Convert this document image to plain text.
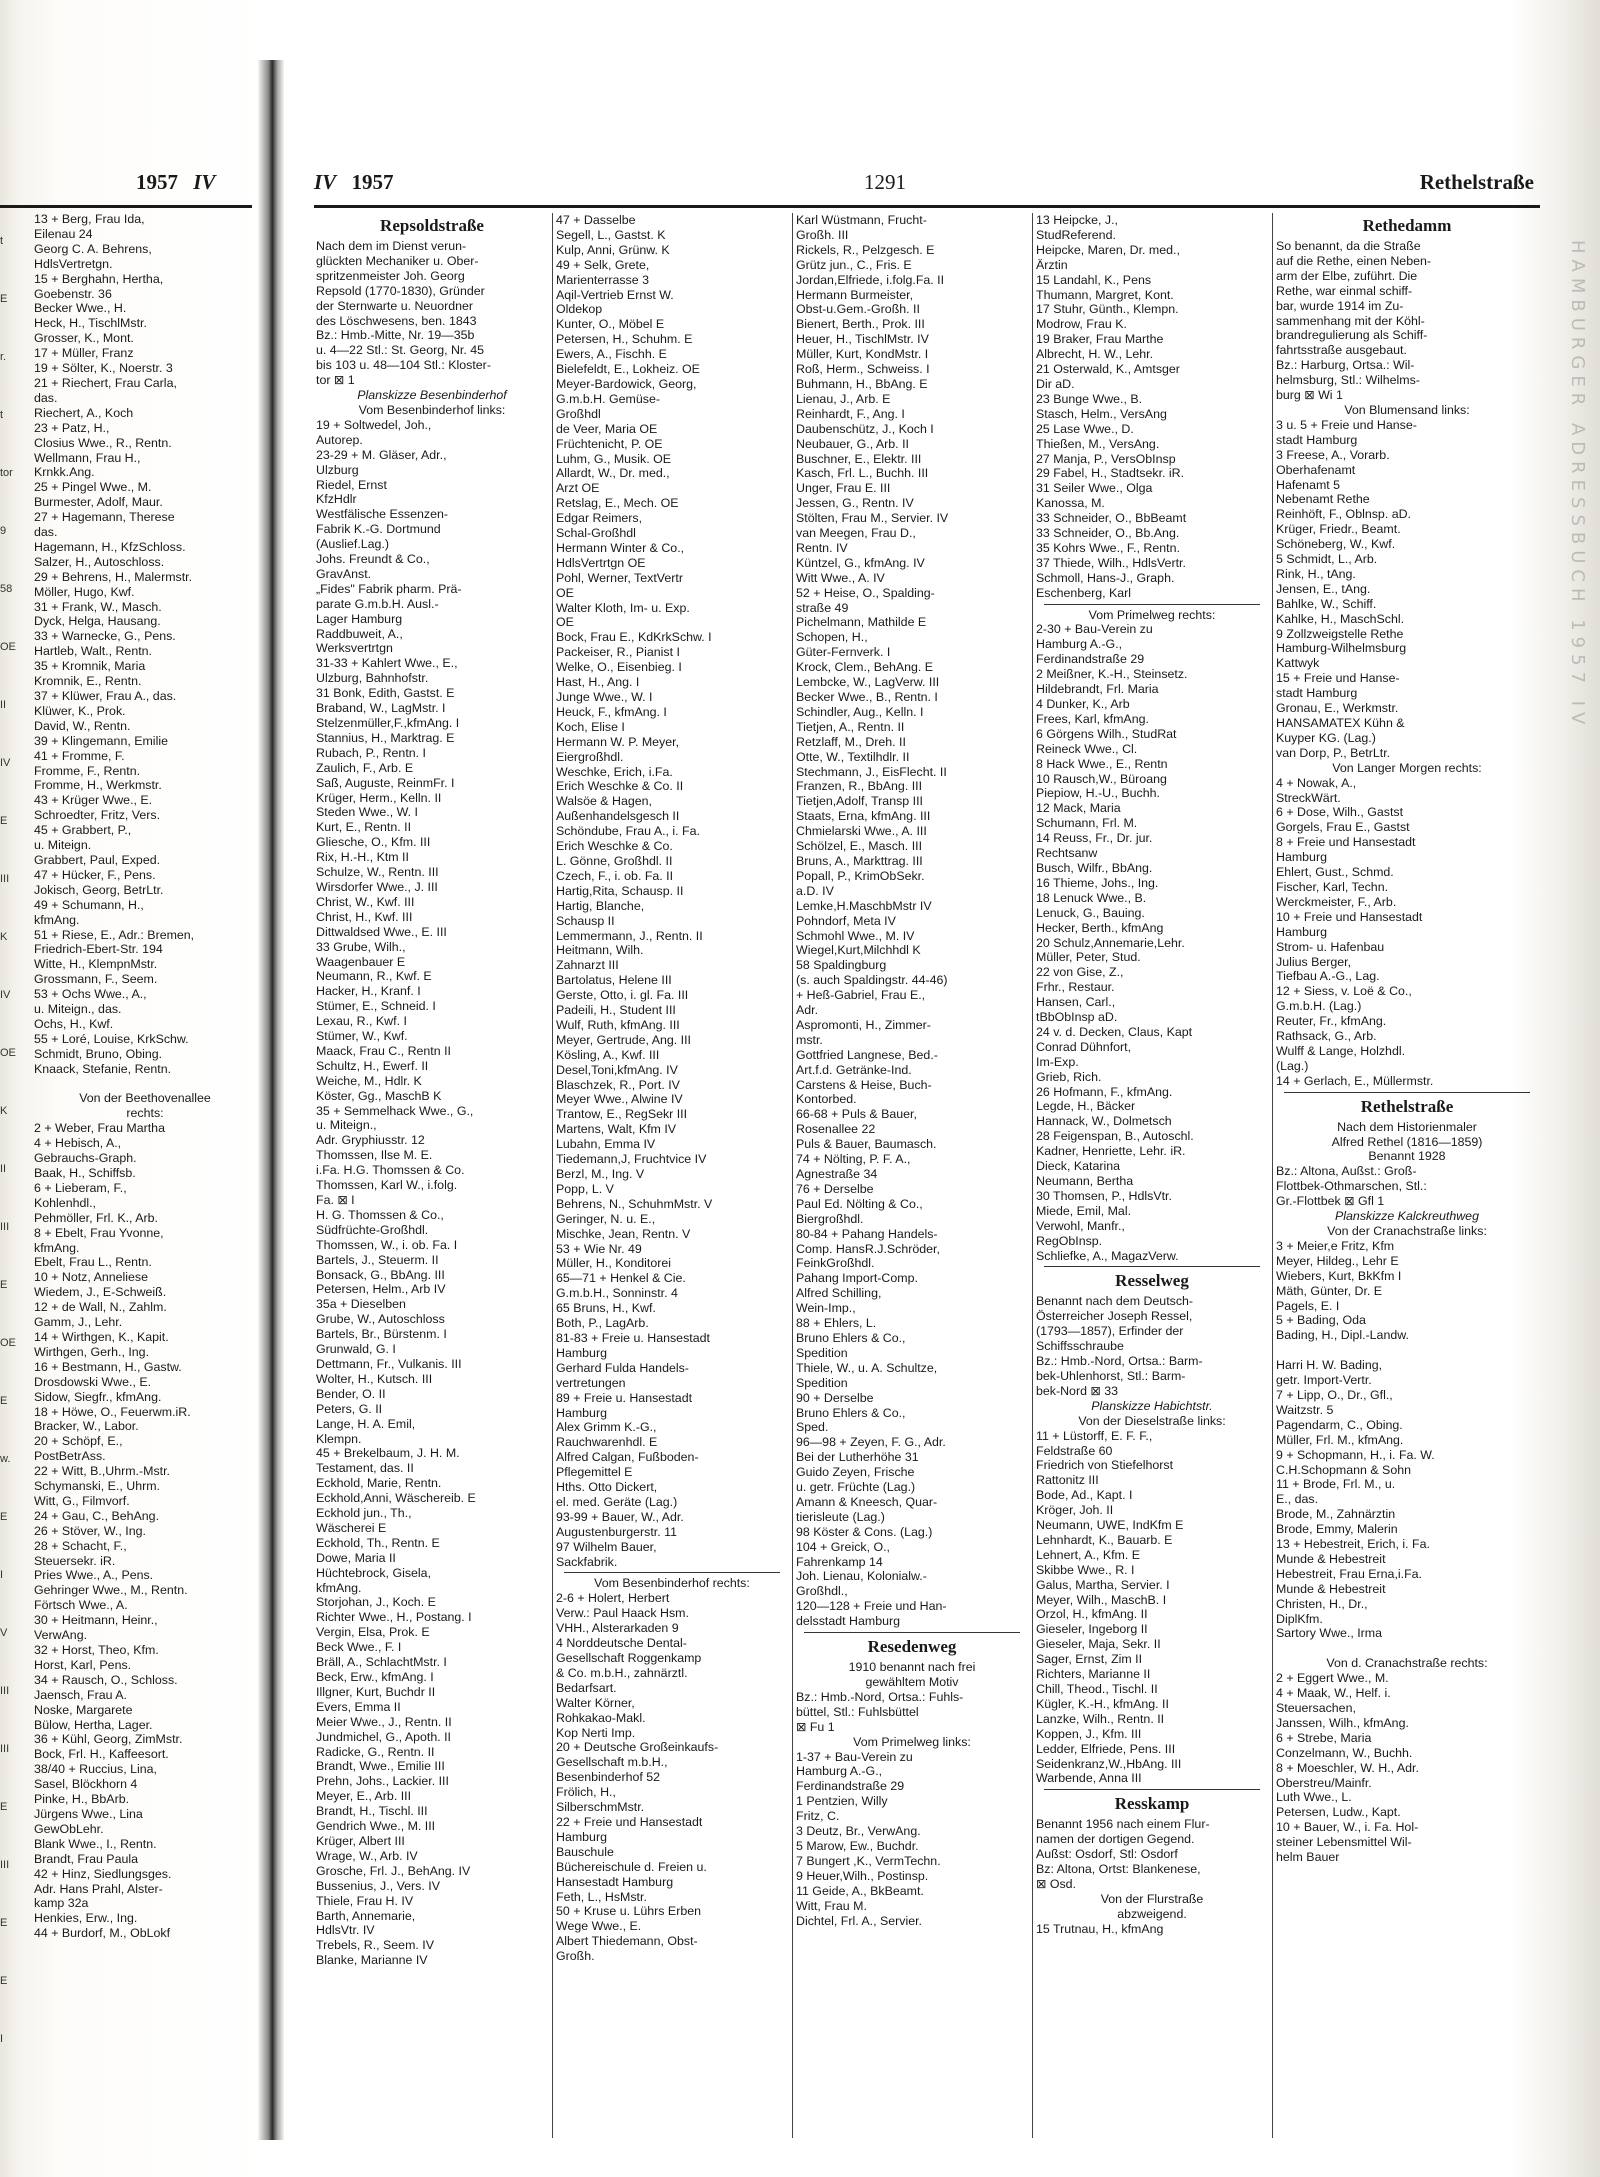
1957 IV
t
E
r.
t
tor
9 58
OE
II
IV
E
III
K
IV
OE
K
II
III
E
OE
E
w.
E
I
V
III
III
E
III
E
E
I
13 + Berg, Frau Ida,
Eilenau 24
Georg C. A. Behrens,
HdlsVertretgn.
15 + Berghahn, Hertha,
Goebenstr. 36
Becker Wwe., H.
Heck, H., TischlMstr.
Grosser, K., Mont.
17 + Müller, Franz
19 + Sölter, K., Noerstr. 3
21 + Riechert, Frau Carla,
das.
Riechert, A., Koch
23 + Patz, H.,
Closius Wwe., R., Rentn.
Wellmann, Frau H.,
Krnkk.Ang.
25 + Pingel Wwe., M.
Burmester, Adolf, Maur.
27 + Hagemann, Therese
das.
Hagemann, H., KfzSchloss.
Salzer, H., Autoschloss.
29 + Behrens, H., Malermstr.
Möller, Hugo, Kwf.
31 + Frank, W., Masch.
Dyck, Helga, Hausang.
33 + Warnecke, G., Pens.
Hartleb, Walt., Rentn.
35 + Kromnik, Maria
Kromnik, E., Rentn.
37 + Klüwer, Frau A., das.
Klüwer, K., Prok.
David, W., Rentn.
39 + Klingemann, Emilie
41 + Fromme, F.
Fromme, F., Rentn.
Fromme, H., Werkmstr.
43 + Krüger Wwe., E.
Schroedter, Fritz, Vers.
45 + Grabbert, P.,
u. Miteign.
Grabbert, Paul, Exped.
47 + Hücker, F., Pens.
Jokisch, Georg, BetrLtr.
49 + Schumann, H.,
kfmAng.
51 + Riese, E., Adr.: Bremen,
Friedrich-Ebert-Str. 194
Witte, H., KlempnMstr.
Grossmann, F., Seem.
53 + Ochs Wwe., A.,
u. Miteign., das.
Ochs, H., Kwf.
55 + Loré, Louise, KrkSchw.
Schmidt, Bruno, Obing.
Knaack, Stefanie, Rentn.

Von der Beethovenallee
rechts:
2 + Weber, Frau Martha
4 + Hebisch, A.,
Gebrauchs-Graph.
Baak, H., Schiffsb.
6 + Lieberam, F.,
Kohlenhdl.,
Pehmöller, Frl. K., Arb.
8 + Ebelt, Frau Yvonne,
kfmAng.
Ebelt, Frau L., Rentn.
10 + Notz, Anneliese
Wiedem, J., E-Schweiß.
12 + de Wall, N., Zahlm.
Gamm, J., Lehr.
14 + Wirthgen, K., Kapit.
Wirthgen, Gerh., Ing.
16 + Bestmann, H., Gastw.
Drosdowski Wwe., E.
Sidow, Siegfr., kfmAng.
18 + Höwe, O., Feuerwm.iR.
Bracker, W., Labor.
20 + Schöpf, E.,
PostBetrAss.
22 + Witt, B.,Uhrm.-Mstr.
Schymanski, E., Uhrm.
Witt, G., Filmvorf.
24 + Gau, C., BehAng.
26 + Stöver, W., Ing.
28 + Schacht, F.,
Steuersekr. iR.
Pries Wwe., A., Pens.
Gehringer Wwe., M., Rentn.
Förtsch Wwe., A.
30 + Heitmann, Heinr.,
VerwAng.
32 + Horst, Theo, Kfm.
Horst, Karl, Pens.
34 + Rausch, O., Schloss.
Jaensch, Frau A.
Noske, Margarete
Bülow, Hertha, Lager.
36 + Kühl, Georg, ZimMstr.
Bock, Frl. H., Kaffeesort.
38/40 + Ruccius, Lina,
Sasel, Blöckhorn 4
Pinke, H., BbArb.
Jürgens Wwe., Lina
GewObLehr.
Blank Wwe., I., Rentn.
Brandt, Frau Paula
42 + Hinz, Siedlungsges.
Adr. Hans Prahl, Alster-
kamp 32a
Henkies, Erw., Ing.
44 + Burdorf, M., ObLokf
IV 1957	1291	Rethelstraße
Repsoldstraße
Nach dem im Dienst verun-
glückten Mechaniker u. Ober-
spritzenmeister Joh. Georg
Repsold (1770-1830), Gründer
der Sternwarte u. Neuordner
des Löschwesens, ben. 1843
Bz.: Hmb.-Mitte, Nr. 19—35b
u. 4—22 Stl.: St. Georg, Nr. 45
bis 103 u. 48—104 Stl.: Kloster-
tor ⊠ 1
Planskizze Besenbinderhof
Vom Besenbinderhof links:
19 + Soltwedel, Joh.,
Autorep.
23-29 + M. Gläser, Adr.,
Ulzburg
Riedel, Ernst
KfzHdlr
Westfälische Essenzen-
Fabrik K.-G. Dortmund
(Auslief.Lag.)
Johs. Freundt & Co.,
GravAnst.
„Fides" Fabrik pharm. Prä-
parate G.m.b.H. Ausl.-
Lager Hamburg
Raddbuweit, A.,
Werksvertrtgn
31-33 + Kahlert Wwe., E.,
Ulzburg, Bahnhofstr.
31 Bonk, Edith, Gastst. E
Braband, W., LagMstr. I
Stelzenmüller,F.,kfmAng. I
Stannius, H., Marktrag. E
Rubach, P., Rentn. I
Zaulich, F., Arb. E
Saß, Auguste, ReinmFr. I
Krüger, Herm., Kelln. II
Steden Wwe., W. I
Kurt, E., Rentn. II
Gliesche, O., Kfm. III
Rix, H.-H., Ktm II
Schulze, W., Rentn. III
Wirsdorfer Wwe., J. III
Christ, W., Kwf. III
Christ, H., Kwf. III
Dittwaldsed Wwe., E. III
33 Grube, Wilh.,
Waagenbauer E
Neumann, R., Kwf. E
Hacker, H., Kranf. I
Stümer, E., Schneid. I
Lexau, R., Kwf. I
Stümer, W., Kwf.
Maack, Frau C., Rentn II
Schultz, H., Ewerf. II
Weiche, M., Hdlr. K
Köster, Gg., MaschB K
35 + Semmelhack Wwe., G.,
u. Miteign.,
Adr. Gryphiusstr. 12
Thomssen, Ilse M. E.
i.Fa. H.G. Thomssen & Co.
Thomssen, Karl W., i.folg.
Fa. ⊠ I
H. G. Thomssen & Co.,
Südfrüchte-Großhdl.
Thomssen, W., i. ob. Fa. I
Bartels, J., Steuerm. II
Bonsack, G., BbAng. III
Petersen, Helm., Arb IV
35a + Dieselben
Grube, W., Autoschloss
Bartels, Br., Bürstenm. I
Grunwald, G. I
Dettmann, Fr., Vulkanis. III
Wolter, H., Kutsch. III
Bender, O. II
Peters, G. II
Lange, H. A. Emil,
Klempn.
45 + Brekelbaum, J. H. M.
Testament, das. II
Eckhold, Marie, Rentn.
Eckhold,Anni, Wäschereib. E
Eckhold jun., Th.,
Wäscherei E
Eckhold, Th., Rentn. E
Dowe, Maria II
Hüchtebrock, Gisela,
kfmAng.
Storjohan, J., Koch. E
Richter Wwe., H., Postang. I
Vergin, Elsa, Prok. E
Beck Wwe., F. I
Bräll, A., SchlachtMstr. I
Beck, Erw., kfmAng. I
Illgner, Kurt, Buchdr II
Evers, Emma II
Meier Wwe., J., Rentn. II
Jundmichel, G., Apoth. II
Radicke, G., Rentn. II
Brandt, Wwe., Emilie III
Prehn, Johs., Lackier. III
Meyer, E., Arb. III
Brandt, H., Tischl. III
Gendrich Wwe., M. III
Krüger, Albert III
Wrage, W., Arb. IV
Grosche, Frl. J., BehAng. IV
Bussenius, J., Vers. IV
Thiele, Frau H. IV
Barth, Annemarie,
HdlsVtr. IV
Trebels, R., Seem. IV
Blanke, Marianne IV
47 + Dasselbe
Segell, L., Gastst. K
Kulp, Anni, Grünw. K
49 + Selk, Grete,
Marienterrasse 3
Aqil-Vertrieb Ernst W.
Oldekop
Kunter, O., Möbel E
Petersen, H., Schuhm. E
Ewers, A., Fischh. E
Bielefeldt, E., Lokheiz. OE
Meyer-Bardowick, Georg,
G.m.b.H. Gemüse-
Großhdl
de Veer, Maria OE
Früchtenicht, P. OE
Luhm, G., Musik. OE
Allardt, W., Dr. med.,
Arzt OE
Retslag, E., Mech. OE
Edgar Reimers,
Schal-Großhdl
Hermann Winter & Co.,
HdlsVertrtgn OE
Pohl, Werner, TextVertr
OE
Walter Kloth, Im- u. Exp.
OE
Bock, Frau E., KdKrkSchw. I
Packeiser, R., Pianist I
Welke, O., Eisenbieg. I
Hast, H., Ang. I
Junge Wwe., W. I
Heuck, F., kfmAng. I
Koch, Elise I
Hermann W. P. Meyer,
Eiergroßhdl.
Weschke, Erich, i.Fa.
Erich Weschke & Co. II
Walsöe & Hagen,
Außenhandelsgesch II
Schöndube, Frau A., i. Fa.
Erich Weschke & Co.
L. Gönne, Großhdl. II
Czech, F., i. ob. Fa. II
Hartig,Rita, Schausp. II
Hartig, Blanche,
Schausp II
Lemmermann, J., Rentn. II
Heitmann, Wilh.
Zahnarzt III
Bartolatus, Helene III
Gerste, Otto, i. gl. Fa. III
Padeili, H., Student III
Wulf, Ruth, kfmAng. III
Meyer, Gertrude, Ang. III
Kösling, A., Kwf. III
Desel,Toni,kfmAng. IV
Blaschzek, R., Port. IV
Meyer Wwe., Alwine IV
Trantow, E., RegSekr III
Martens, Walt, Kfm IV
Lubahn, Emma IV
Tiedemann,J, Fruchtvice IV
Berzl, M., Ing. V
Popp, L. V
Behrens, N., SchuhmMstr. V
Geringer, N. u. E.,
Mischke, Jean, Rentn. V
53 + Wie Nr. 49
Müller, H., Konditorei
65—71 + Henkel & Cie.
G.m.b.H., Sonninstr. 4
65 Bruns, H., Kwf.
Both, P., LagArb.
81-83 + Freie u. Hansestadt
Hamburg
Gerhard Fulda Handels-
vertretungen
89 + Freie u. Hansestadt
Hamburg
Alex Grimm K.-G.,
Rauchwarenhdl. E
Alfred Calgan, Fußboden-
Pflegemittel E
Hths. Otto Dickert,
el. med. Geräte (Lag.)
93-99 + Bauer, W., Adr.
Augustenburgerstr. 11
97 Wilhelm Bauer,
Sackfabrik.
Vom Besenbinderhof rechts:
2-6 + Holert, Herbert
Verw.: Paul Haack Hsm.
VHH., Alsterarkaden 9
4 Norddeutsche Dental-
Gesellschaft Roggenkamp
& Co. m.b.H., zahnärztl.
Bedarfsart.
Walter Körner,
Rohkakao-Makl.
Kop Nerti Imp.
20 + Deutsche Großeinkaufs-
Gesellschaft m.b.H.,
Besenbinderhof 52
Frölich, H.,
SilberschmMstr.
22 + Freie und Hansestadt
Hamburg
Bauschule
Büchereischule d. Freien u.
Hansestadt Hamburg
Feth, L., HsMstr.
50 + Kruse u. Lührs Erben
Wege Wwe., E.
Albert Thiedemann, Obst-
Großh.
Karl Wüstmann, Frucht-
Großh. III
Rickels, R., Pelzgesch. E
Grütz jun., C., Fris. E
Jordan,Elfriede, i.folg.Fa. II
Hermann Burmeister,
Obst-u.Gem.-Großh. II
Bienert, Berth., Prok. III
Heuer, H., TischlMstr. IV
Müller, Kurt, KondMstr. I
Roß, Herm., Schweiss. I
Buhmann, H., BbAng. E
Lienau, J., Arb. E
Reinhardt, F., Ang. I
Daubenschütz, J., Koch I
Neubauer, G., Arb. II
Buschner, E., Elektr. III
Kasch, Frl. L., Buchh. III
Unger, Frau E. III
Jessen, G., Rentn. IV
Stölten, Frau M., Servier. IV
van Meegen, Frau D.,
Rentn. IV
Küntzel, G., kfmAng. IV
Witt Wwe., A. IV
52 + Heise, O., Spalding-
straße 49
Pichelmann, Mathilde E
Schopen, H.,
Güter-Fernverk. I
Krock, Clem., BehAng. E
Lembcke, W., LagVerw. III
Becker Wwe., B., Rentn. I
Schindler, Aug., Kelln. I
Tietjen, A., Rentn. II
Retzlaff, M., Dreh. II
Otte, W., Textilhdlr. II
Stechmann, J., EisFlecht. II
Franzen, R., BbAng. III
Tietjen,Adolf, Transp III
Staats, Erna, kfmAng. III
Chmielarski Wwe., A. III
Schölzel, E., Masch. III
Bruns, A., Markttrag. III
Popall, P., KrimObSekr.
a.D. IV
Lemke,H.MaschbMstr IV
Pohndorf, Meta IV
Schmohl Wwe., M. IV
Wiegel,Kurt,Milchhdl K
58 Spaldingburg
(s. auch Spaldingstr. 44-46)
+ Heß-Gabriel, Frau E.,
Adr.
Aspromonti, H., Zimmer-
mstr.
Gottfried Langnese, Bed.-
Art.f.d. Getränke-Ind.
Carstens & Heise, Buch-
Kontorbed.
66-68 + Puls & Bauer,
Rosenallee 22
Puls & Bauer, Baumasch.
74 + Nölting, P. F. A.,
Agnestraße 34
76 + Derselbe
Paul Ed. Nölting & Co.,
Biergroßhdl.
80-84 + Pahang Handels-
Comp. HansR.J.Schröder,
FeinkGroßhdl.
Pahang Import-Comp.
Alfred Schilling,
Wein-Imp.,
88 + Ehlers, L.
Bruno Ehlers & Co.,
Spedition
Thiele, W., u. A. Schultze,
Spedition
90 + Derselbe
Bruno Ehlers & Co.,
Sped.
96—98 + Zeyen, F. G., Adr.
Bei der Lutherhöhe 31
Guido Zeyen, Frische
u. getr. Früchte (Lag.)
Amann & Kneesch, Quar-
tierisleute (Lag.)
98 Köster & Cons. (Lag.)
104 + Greick, O.,
Fahrenkamp 14
Joh. Lienau, Kolonialw.-
Großhdl.,
120—128 + Freie und Han-
delsstadt Hamburg
Resedenweg
1910 benannt nach frei
gewähltem Motiv
Bz.: Hmb.-Nord, Ortsa.: Fuhls-
büttel, Stl.: Fuhlsbüttel
⊠ Fu 1
Vom Primelweg links:
1-37 + Bau-Verein zu
Hamburg A.-G.,
Ferdinandstraße 29
1 Pentzien, Willy
Fritz, C.
3 Deutz, Br., VerwAng.
5 Marow, Ew., Buchdr.
7 Bungert ,K., VermTechn.
9 Heuer,Wilh., Postinsp.
11 Geide, A., BkBeamt.
Witt, Frau M.
Dichtel, Frl. A., Servier.
13 Heipcke, J.,
StudReferend.
Heipcke, Maren, Dr. med.,
Ärztin
15 Landahl, K., Pens
Thumann, Margret, Kont.
17 Stuhr, Günth., Klempn.
Modrow, Frau K.
19 Braker, Frau Marthe
Albrecht, H. W., Lehr.
21 Osterwald, K., Amtsger
Dir aD.
23 Bunge Wwe., B.
Stasch, Helm., VersAng
25 Lase Wwe., D.
Thießen, M., VersAng.
27 Manja, P., VersObInsp
29 Fabel, H., Stadtsekr. iR.
31 Seiler Wwe., Olga
Kanossa, M.
33 Schneider, O., BbBeamt
33 Schneider, O., Bb.Ang.
35 Kohrs Wwe., F., Rentn.
37 Thiede, Wilh., HdlsVertr.
Schmoll, Hans-J., Graph.
Eschenberg, Karl
Vom Primelweg rechts:
2-30 + Bau-Verein zu
Hamburg A.-G.,
Ferdinandstraße 29
2 Meißner, K.-H., Steinsetz.
Hildebrandt, Frl. Maria
4 Dunker, K., Arb
Frees, Karl, kfmAng.
6 Görgens Wilh., StudRat
Reineck Wwe., Cl.
8 Hack Wwe., E., Rentn
10 Rausch,W., Büroang
Piepiow, H.-U., Buchh.
12 Mack, Maria
Schumann, Frl. M.
14 Reuss, Fr., Dr. jur.
Rechtsanw
Busch, Wilfr., BbAng.
16 Thieme, Johs., Ing.
18 Lenuck Wwe., B.
Lenuck, G., Bauing.
Hecker, Berth., kfmAng
20 Schulz,Annemarie,Lehr.
Müller, Peter, Stud.
22 von Gise, Z.,
Frhr., Restaur.
Hansen, Carl.,
tBbObInsp aD.
24 v. d. Decken, Claus, Kapt
Conrad Dühnfort,
Im-Exp.
Grieb, Rich.
26 Hofmann, F., kfmAng.
Legde, H., Bäcker
Hannack, W., Dolmetsch
28 Feigenspan, B., Autoschl.
Kadner, Henriette, Lehr. iR.
Dieck, Katarina
Neumann, Bertha
30 Thomsen, P., HdlsVtr.
Miede, Emil, Mal.
Verwohl, Manfr.,
RegObInsp.
Schliefke, A., MagazVerw.
Resselweg
Benannt nach dem Deutsch-
Österreicher Joseph Ressel,
(1793—1857), Erfinder der
Schiffsschraube
Bz.: Hmb.-Nord, Ortsa.: Barm-
bek-Uhlenhorst, Stl.: Barm-
bek-Nord ⊠ 33
Planskizze Habichtstr.
Von der Dieselstraße links:
11 + Lüstorff, E. F. F.,
Feldstraße 60
Friedrich von Stiefelhorst
Rattonitz III
Bode, Ad., Kapt. I
Kröger, Joh. II
Neumann, UWE, IndKfm E
Lehnhardt, K., Bauarb. E
Lehnert, A., Kfm. E
Skibbe Wwe., R. I
Galus, Martha, Servier. I
Meyer, Wilh., MaschB. I
Orzol, H., kfmAng. II
Gieseler, Ingeborg II
Gieseler, Maja, Sekr. II
Sager, Ernst, Zim II
Richters, Marianne II
Chill, Theod., Tischl. II
Kügler, K.-H., kfmAng. II
Lanzke, Wilh., Rentn. II
Koppen, J., Kfm. III
Ledder, Elfriede, Pens. III
Seidenkranz,W.,HbAng. III
Warbende, Anna III
Resskamp
Benannt 1956 nach einem Flur-
namen der dortigen Gegend.
Außst: Osdorf, Stl: Osdorf
Bz: Altona, Ortst: Blankenese,
⊠ Osd.
Von der Flurstraße
abzweigend.
15 Trutnau, H., kfmAng
Rethedamm
So benannt, da die Straße
auf die Rethe, einen Neben-
arm der Elbe, zuführt. Die
Rethe, war einmal schiff-
bar, wurde 1914 im Zu-
sammenhang mit der Köhl-
brandregulierung als Schiff-
fahrtsstraße ausgebaut.
Bz.: Harburg, Ortsa.: Wil-
helmsburg, Stl.: Wilhelms-
burg ⊠ Wi 1
Von Blumensand links:
3 u. 5 + Freie und Hanse-
stadt Hamburg
3 Freese, A., Vorarb.
Oberhafenamt
Hafenamt 5
Nebenamt Rethe
Reinhöft, F., Oblnsp. aD.
Krüger, Friedr., Beamt.
Schöneberg, W., Kwf.
5 Schmidt, L., Arb.
Rink, H., tAng.
Jensen, E., tAng.
Bahlke, W., Schiff.
Kahlke, H., MaschSchl.
9 Zollzweigstelle Rethe
Hamburg-Wilhelmsburg
Kattwyk
15 + Freie und Hanse-
stadt Hamburg
Gronau, E., Werkmstr.
HANSAMATEX Kühn &
Kuyper KG. (Lag.)
van Dorp, P., BetrLtr.
Von Langer Morgen rechts:
4 + Nowak, A.,
StreckWärt.
6 + Dose, Wilh., Gastst
Gorgels, Frau E., Gastst
8 + Freie und Hansestadt
Hamburg
Ehlert, Gust., Schmd.
Fischer, Karl, Techn.
Werckmeister, F., Arb.
10 + Freie und Hansestadt
Hamburg
Strom- u. Hafenbau
Julius Berger,
Tiefbau A.-G., Lag.
12 + Siess, v. Loë & Co.,
G.m.b.H. (Lag.)
Reuter, Fr., kfmAng.
Rathsack, G., Arb.
Wulff & Lange, Holzhdl.
(Lag.)
14 + Gerlach, E., Müllermstr.
Rethelstraße
Nach dem Historienmaler
Alfred Rethel (1816—1859)
Benannt 1928
Bz.: Altona, Außst.: Groß-
Flottbek-Othmarschen, Stl.:
Gr.-Flottbek ⊠ Gfl 1
Planskizze Kalckreuthweg
Von der Cranachstraße links:
3 + Meier,e Fritz, Kfm
Meyer, Hildeg., Lehr E
Wiebers, Kurt, BkKfm I
Mäth, Günter, Dr. E
Pagels, E. I
5 + Bading, Oda
Bading, H., Dipl.-Landw.

Harri H. W. Bading,
getr. Import-Vertr.
7 + Lipp, O., Dr., Gfl.,
Waitzstr. 5
Pagendarm, C., Obing.
Müller, Frl. M., kfmAng.
9 + Schopmann, H., i. Fa. W.
C.H.Schopmann & Sohn
11 + Brode, Frl. M., u.
E., das.
Brode, M., Zahnärztin
Brode, Emmy, Malerin
13 + Hebestreit, Erich, i. Fa.
Munde & Hebestreit
Hebestreit, Frau Erna,i.Fa.
Munde & Hebestreit
Christen, H., Dr.,
DiplKfm.
Sartory Wwe., Irma

Von d. Cranachstraße rechts:
2 + Eggert Wwe., M.
4 + Maak, W., Helf. i.
Steuersachen,
Janssen, Wilh., kfmAng.
6 + Strebe, Maria
Conzelmann, W., Buchh.
8 + Moeschler, W. H., Adr.
Oberstreu/Mainfr.
Luth Wwe., L.
Petersen, Ludw., Kapt.
10 + Bauer, W., i. Fa. Hol-
steiner Lebensmittel Wil-
helm Bauer
HAMBURGER ADRESSBUCH 1957 IV
